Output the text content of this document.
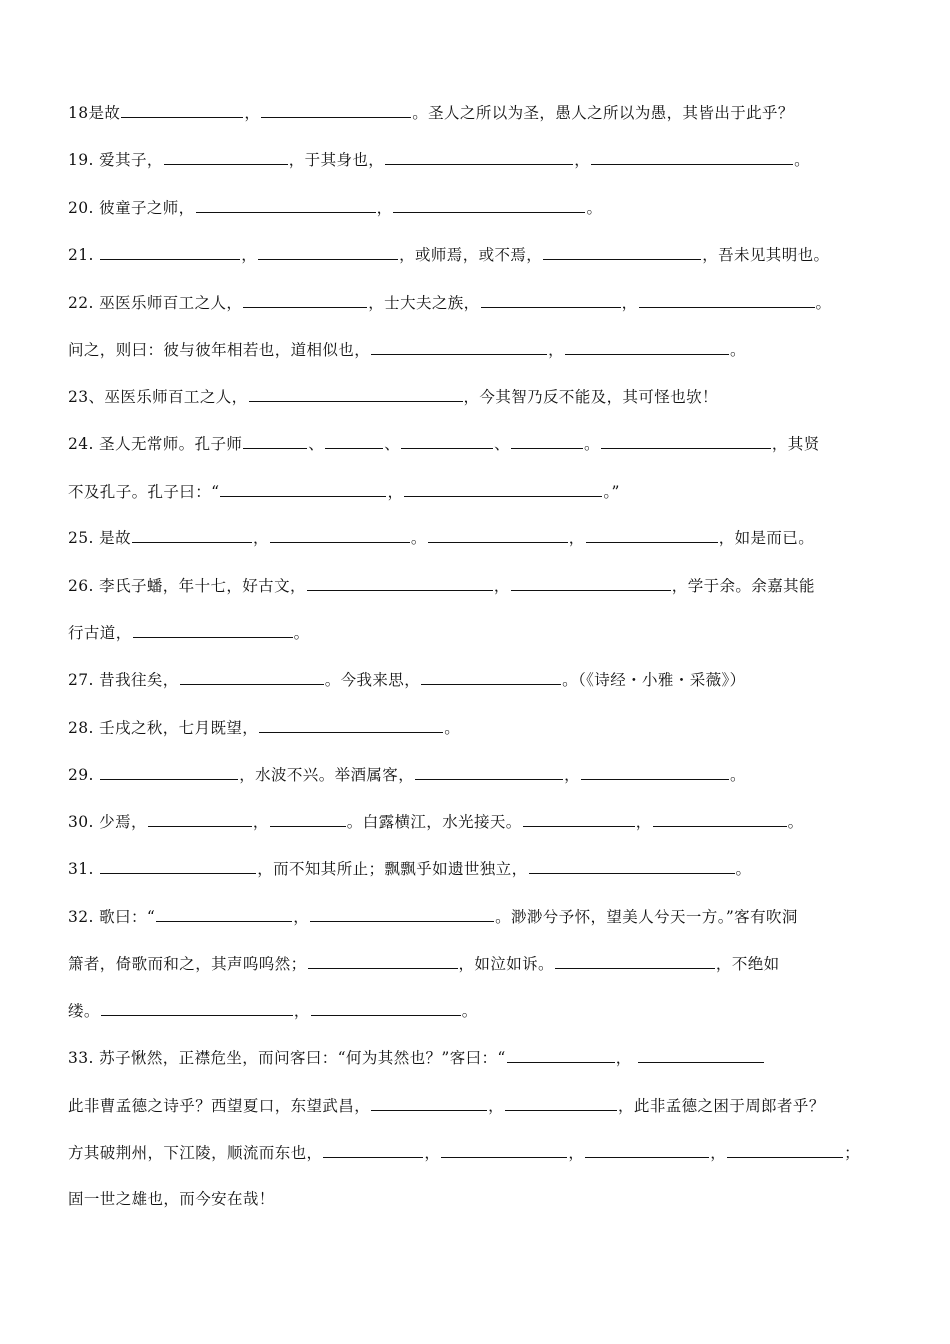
18是故	，	。圣人之所以为圣，愚人之所以为愚，其皆出于此乎？
19. 爱其子，	，于其身也，	，	。
20. 彼童子之师，	，	。
21.	，	，或师焉，或不焉，	，吾未见其明也。
22. 巫医乐师百工之人，	，士大夫之族，	，	。
问之，则曰：彼与彼年相若也，道相似也，	，	。
23、巫医乐师百工之人，	，今其智乃反不能及，其可怪也欤！
24. 圣人无常师。孔子师	、	、	、	。	，其贤
不及孔子。孔子曰：“	，	。”
25. 是故	，	。	，	，如是而已。
26. 李氏子蟠，年十七，好古文，	，	，学于余。余嘉其能
行古道，	。
27. 昔我往矣，	。今我来思，	。（《诗经・小雅・采薇》）
28. 壬戌之秋，七月既望，	。
29.	，水波不兴。举酒属客，	，	。
30. 少焉，	，	。白露横江，水光接天。	，	。
31.	，而不知其所止；飘飘乎如遗世独立，	。
32. 歌曰：“	，	。渺渺兮予怀，望美人兮天一方。”客有吹洞
箫者，倚歌而和之，其声呜呜然；	，如泣如诉。	，不绝如
缕。	，	。
33. 苏子愀然，正襟危坐，而问客曰：“何为其然也？”客曰：“	，
此非曹孟德之诗乎？西望夏口，东望武昌，	，	，此非孟德之困于周郎者乎？
方其破荆州，下江陵，顺流而东也，	，	，	，	；
固一世之雄也，而今安在哉！
